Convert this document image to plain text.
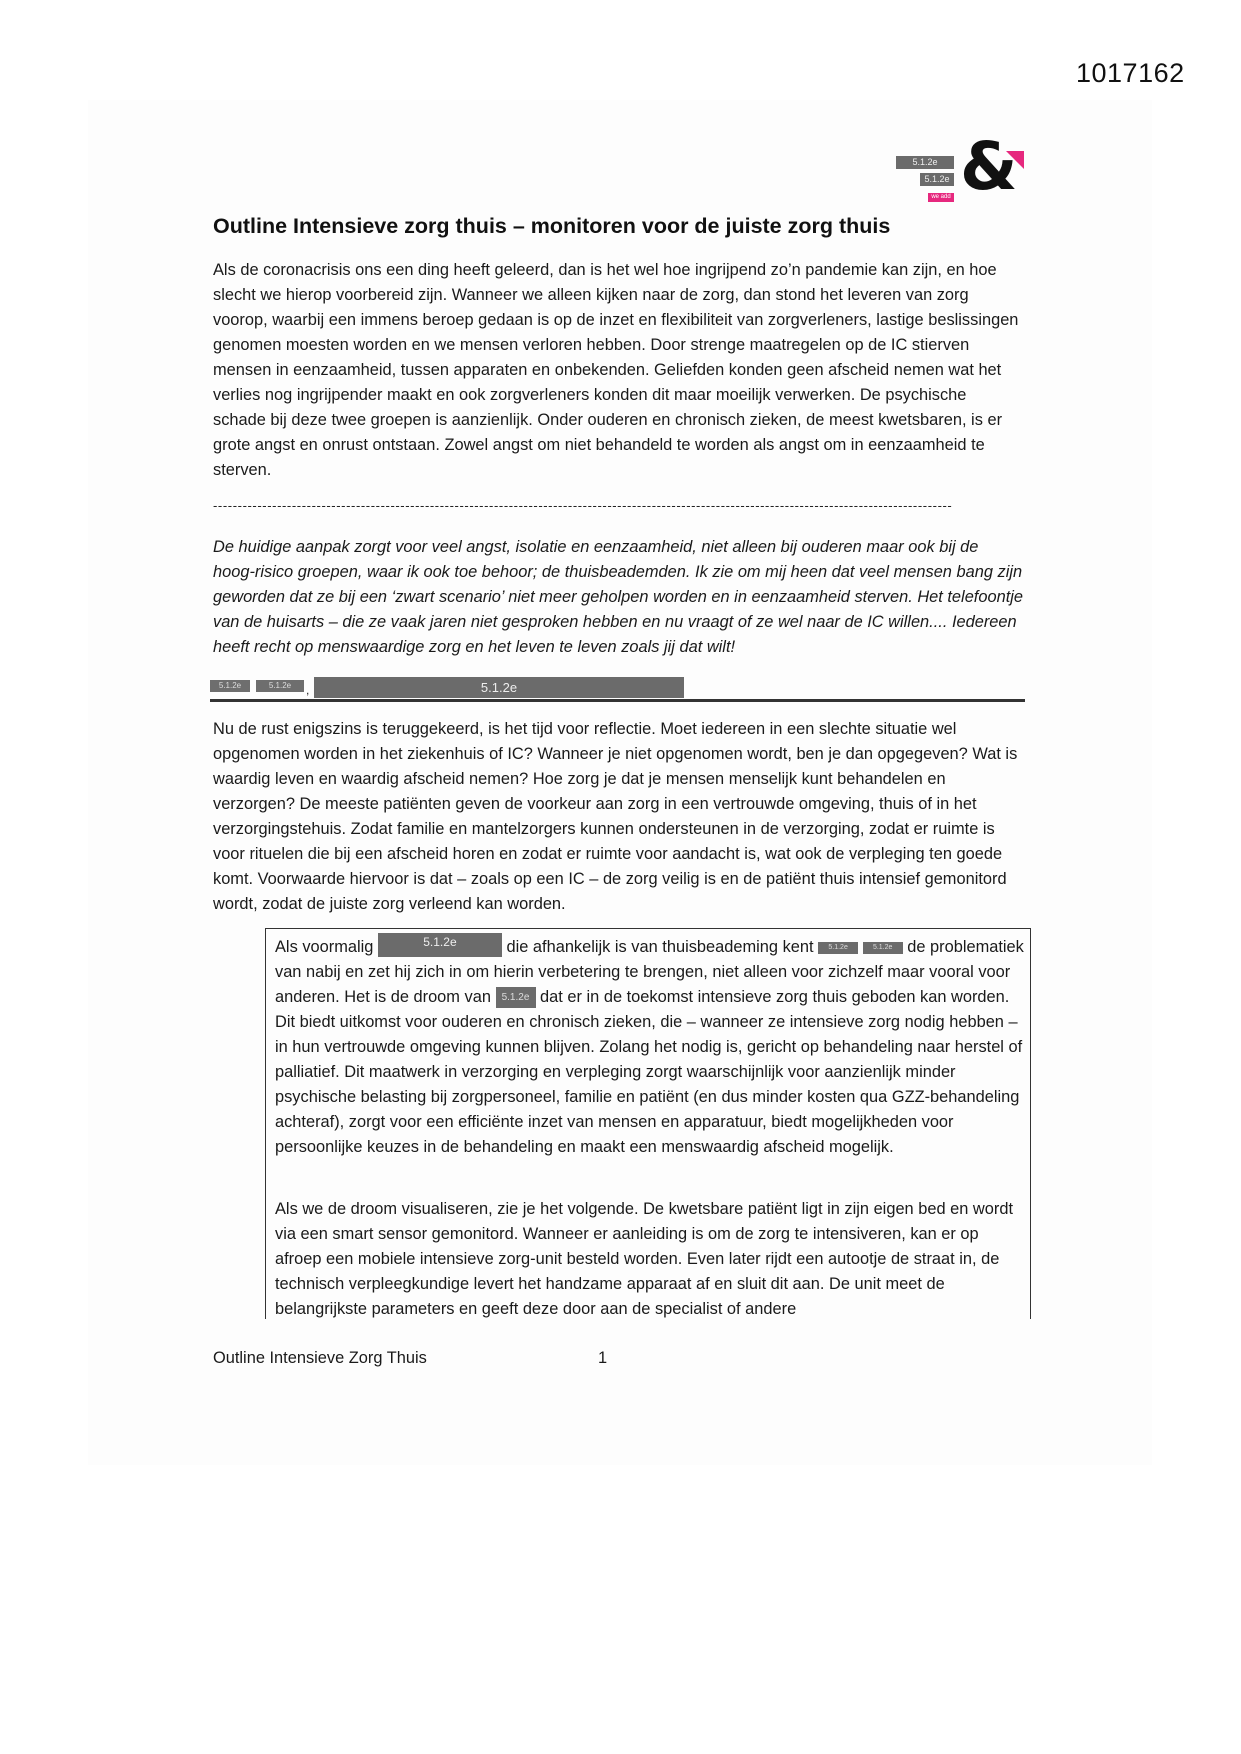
1017162
5.1.2e
5.1.2e
we add &
Outline Intensieve zorg thuis – monitoren voor de juiste zorg thuis

Als de coronacrisis ons een ding heeft geleerd, dan is het wel hoe ingrijpend zo’n pandemie kan zijn, en hoe slecht we hierop voorbereid zijn. Wanneer we alleen kijken naar de zorg, dan stond het leveren van zorg voorop, waarbij een immens beroep gedaan is op de inzet en flexibiliteit van zorgverleners, lastige beslissingen genomen moesten worden en we mensen verloren hebben. Door strenge maatregelen op de IC stierven mensen in eenzaamheid, tussen apparaten en onbekenden. Geliefden konden geen afscheid nemen wat het verlies nog ingrijpender maakt en ook zorgverleners konden dit maar moeilijk verwerken. De psychische schade bij deze twee groepen is aanzienlijk. Onder ouderen en chronisch zieken, de meest kwetsbaren, is er grote angst en onrust ontstaan. Zowel angst om niet behandeld te worden als angst om in eenzaamheid te sterven.

------------------------------------------------------------------------------------------------------------------------------------------------------

De huidige aanpak zorgt voor veel angst, isolatie en eenzaamheid, niet alleen bij ouderen maar ook bij de hoog-risico groepen, waar ik ook toe behoor; de thuisbeademden. Ik zie om mij heen dat veel mensen bang zijn geworden dat ze bij een ‘zwart scenario’ niet meer geholpen worden en in eenzaamheid sterven. Het telefoontje van de huisarts – die ze vaak jaren niet gesproken hebben en nu vraagt of ze wel naar de IC willen.... Iedereen heeft recht op menswaardige zorg en het leven te leven zoals jij dat wilt!

5.1.2e	5.1.2e	,	5.1.2e

Nu de rust enigszins is teruggekeerd, is het tijd voor reflectie. Moet iedereen in een slechte situatie wel opgenomen worden in het ziekenhuis of IC? Wanneer je niet opgenomen wordt, ben je dan opgegeven? Wat is waardig leven en waardig afscheid nemen? Hoe zorg je dat je mensen menselijk kunt behandelen en verzorgen? De meeste patiënten geven de voorkeur aan zorg in een vertrouwde omgeving, thuis of in het verzorgingstehuis. Zodat familie en mantelzorgers kunnen ondersteunen in de verzorging, zodat er ruimte is voor rituelen die bij een afscheid horen en zodat er ruimte voor aandacht is, wat ook de verpleging ten goede komt. Voorwaarde hiervoor is dat – zoals op een IC – de zorg veilig is en de patiënt thuis intensief gemonitord wordt, zodat de juiste zorg verleend kan worden.

Als voormalig	5.1.2e	die afhankelijk is van thuisbeademing kent 5.1.2e	5.1.2e de problematiek van nabij en zet hij zich in om hierin verbetering te brengen, niet alleen voor zichzelf maar vooral voor anderen. Het is de droom van 5.1.2e dat er in de toekomst intensieve zorg thuis geboden kan worden. Dit biedt uitkomst voor ouderen en chronisch zieken, die – wanneer ze intensieve zorg nodig hebben – in hun vertrouwde omgeving kunnen blijven. Zolang het nodig is, gericht op behandeling naar herstel of palliatief. Dit maatwerk in verzorging en verpleging zorgt waarschijnlijk voor aanzienlijk minder psychische belasting bij zorgpersoneel, familie en patiënt (en dus minder kosten qua GZZ-behandeling achteraf), zorgt voor een efficiënte inzet van mensen en apparatuur, biedt mogelijkheden voor persoonlijke keuzes in de behandeling en maakt een menswaardig afscheid mogelijk.

Als we de droom visualiseren, zie je het volgende. De kwetsbare patiënt ligt in zijn eigen bed en wordt via een smart sensor gemonitord. Wanneer er aanleiding is om de zorg te intensiveren, kan er op afroep een mobiele intensieve zorg-unit besteld worden. Even later rijdt een autootje de straat in, de technisch verpleegkundige levert het handzame apparaat af en sluit dit aan. De unit meet de belangrijkste parameters en geeft deze door aan de specialist of andere

Outline Intensieve Zorg Thuis	1
